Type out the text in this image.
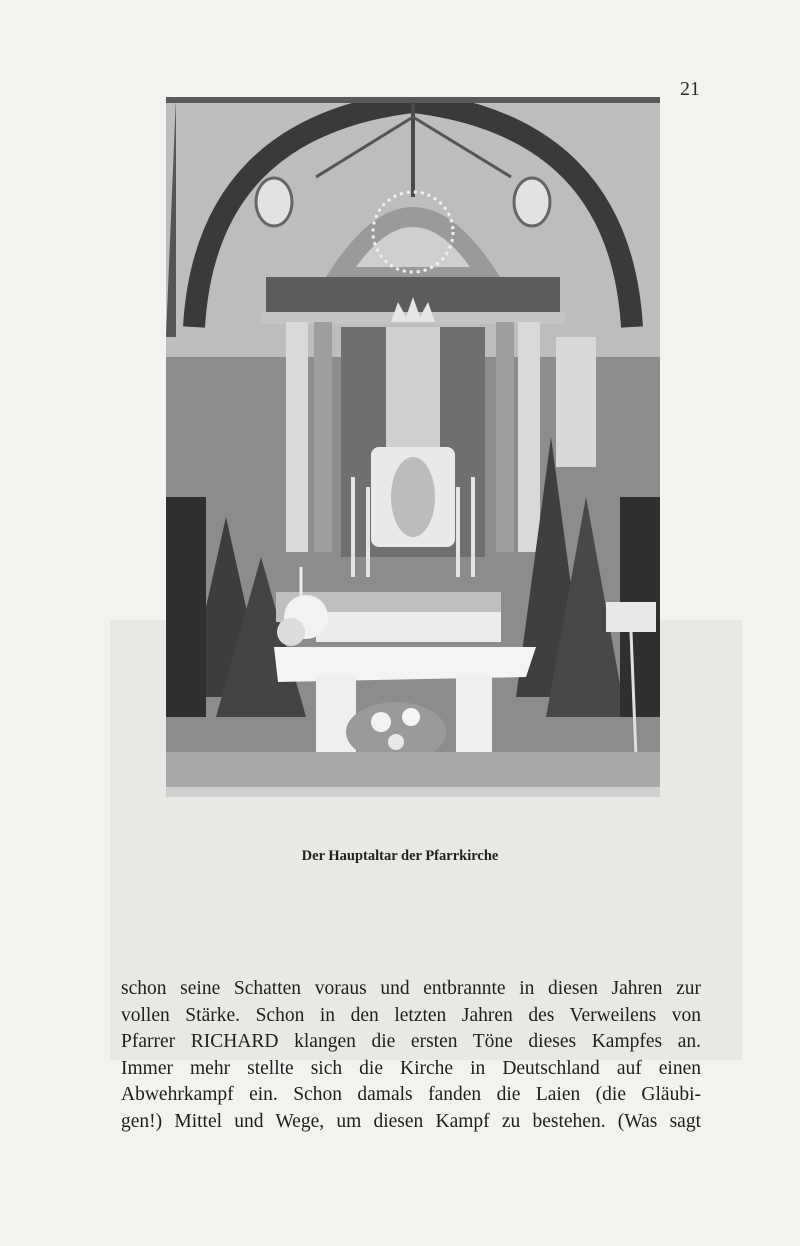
21
Der Hauptaltar der Pfarrkirche
schon seine Schatten voraus und entbrannte in diesen Jahren zur
vollen Stärke. Schon in den letzten Jahren des Verweilens von
Pfarrer RICHARD klangen die ersten Töne dieses Kampfes an.
Immer mehr stellte sich die Kirche in Deutschland auf einen
Abwehrkampf ein. Schon damals fanden die Laien (die Gläubi-
gen!) Mittel und Wege, um diesen Kampf zu bestehen. (Was sagt
